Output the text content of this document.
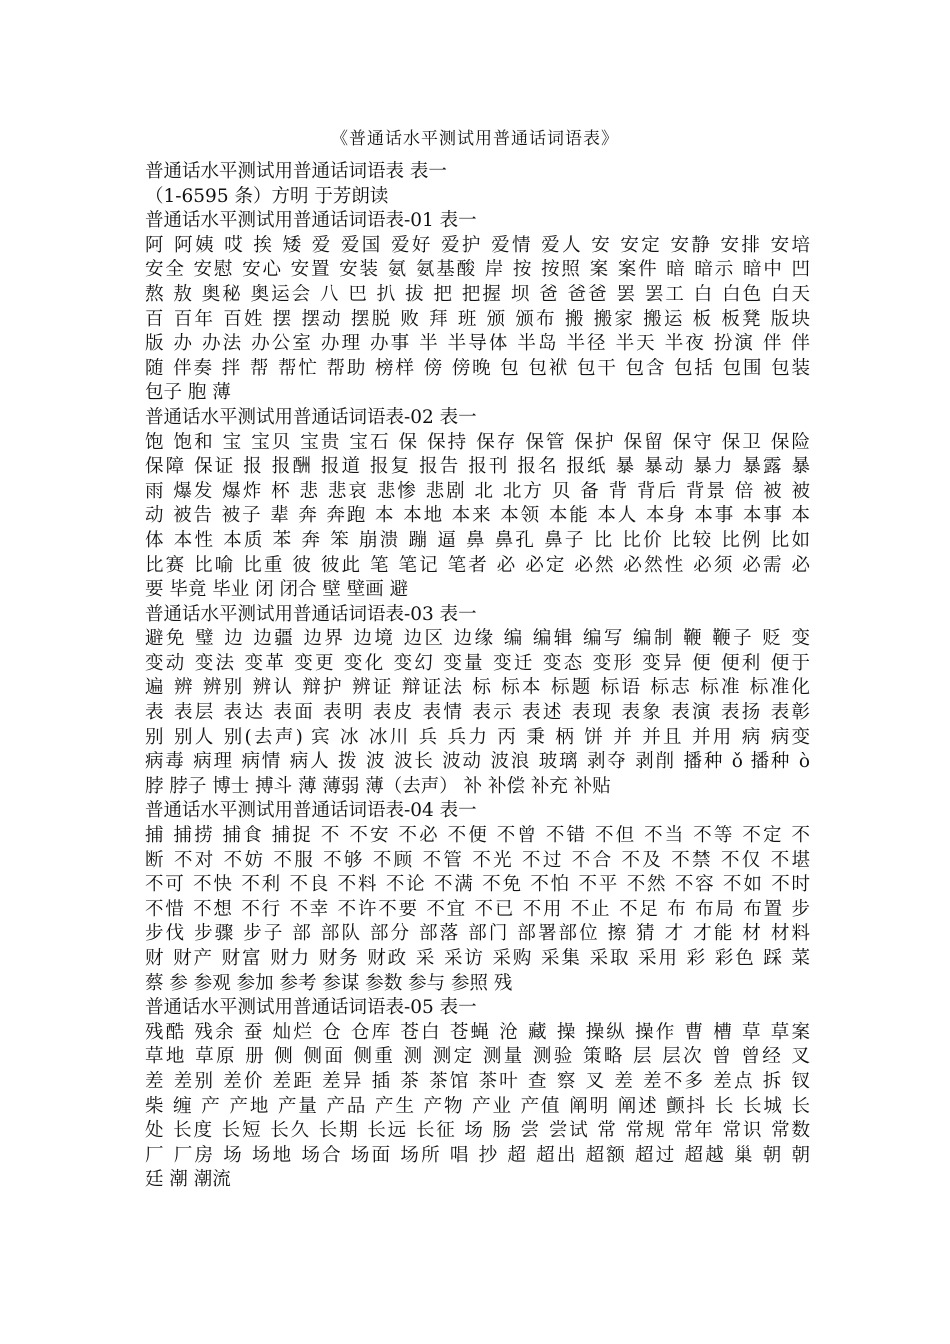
《普通话水平测试用普通话词语表》
普通话水平测试用普通话词语表 表一
（1-6595 条）方明 于芳朗读
普通话水平测试用普通话词语表-01 表一
阿 阿姨 哎 挨 矮 爱 爱国 爱好 爱护 爱情 爱人 安 安定 安静 安排 安培
安全 安慰 安心 安置 安装 氨 氨基酸 岸 按 按照 案 案件 暗 暗示 暗中 凹
熬 敖 奥秘 奥运会 八 巴 扒 拔 把 把握 坝 爸 爸爸 罢 罢工 白 白色 白天
百 百年 百姓 摆 摆动 摆脱 败 拜 班 颁 颁布 搬 搬家 搬运 板 板凳 版块
版 办 办法 办公室 办理 办事 半 半导体 半岛 半径 半天 半夜 扮演 伴 伴
随 伴奏 拌 帮 帮忙 帮助 榜样 傍 傍晚 包 包袱 包干 包含 包括 包围 包装
包子 胞 薄
普通话水平测试用普通话词语表-02 表一
饱 饱和 宝 宝贝 宝贵 宝石 保 保持 保存 保管 保护 保留 保守 保卫 保险
保障 保证 报 报酬 报道 报复 报告 报刊 报名 报纸 暴 暴动 暴力 暴露 暴
雨 爆发 爆炸 杯 悲 悲哀 悲惨 悲剧 北 北方 贝 备 背 背后 背景 倍 被 被
动 被告 被子 辈 奔 奔跑 本 本地 本来 本领 本能 本人 本身 本事 本事 本
体 本性 本质 苯 奔 笨 崩溃 蹦 逼 鼻 鼻孔 鼻子 比 比价 比较 比例 比如
比赛 比喻 比重 彼 彼此 笔 笔记 笔者 必 必定 必然 必然性 必须 必需 必
要 毕竟 毕业 闭 闭合 壁 壁画 避
普通话水平测试用普通话词语表-03 表一
避免 璧 边 边疆 边界 边境 边区 边缘 编 编辑 编写 编制 鞭 鞭子 贬 变
变动 变法 变革 变更 变化 变幻 变量 变迁 变态 变形 变异 便 便利 便于
遍 辨 辨别 辨认 辩护 辨证 辩证法 标 标本 标题 标语 标志 标准 标准化
表 表层 表达 表面 表明 表皮 表情 表示 表述 表现 表象 表演 表扬 表彰
别 别人 别(去声) 宾 冰 冰川 兵 兵力 丙 秉 柄 饼 并 并且 并用 病 病变
病毒 病理 病情 病人 拨 波 波长 波动 波浪 玻璃 剥夺 剥削 播种 ǒ 播种 ò
脖 脖子 博士 搏斗 薄 薄弱 薄（去声） 补 补偿 补充 补贴
普通话水平测试用普通话词语表-04 表一
捕 捕捞 捕食 捕捉 不 不安 不必 不便 不曾 不错 不但 不当 不等 不定 不
断 不对 不妨 不服 不够 不顾 不管 不光 不过 不合 不及 不禁 不仅 不堪
不可 不快 不利 不良 不料 不论 不满 不免 不怕 不平 不然 不容 不如 不时
不惜 不想 不行 不幸 不许不要 不宜 不已 不用 不止 不足 布 布局 布置 步
步伐 步骤 步子 部 部队 部分 部落 部门 部署部位 擦 猜 才 才能 材 材料
财 财产 财富 财力 财务 财政 采 采访 采购 采集 采取 采用 彩 彩色 踩 菜
蔡 参 参观 参加 参考 参谋 参数 参与 参照 残
普通话水平测试用普通话词语表-05 表一
残酷 残余 蚕 灿烂 仓 仓库 苍白 苍蝇 沧 藏 操 操纵 操作 曹 槽 草 草案
草地 草原 册 侧 侧面 侧重 测 测定 测量 测验 策略 层 层次 曾 曾经 叉
差 差别 差价 差距 差异 插 茶 茶馆 茶叶 查 察 叉 差 差不多 差点 拆 钗
柴 缠 产 产地 产量 产品 产生 产物 产业 产值 阐明 阐述 颤抖 长 长城 长
处 长度 长短 长久 长期 长远 长征 场 肠 尝 尝试 常 常规 常年 常识 常数
厂 厂房 场 场地 场合 场面 场所 唱 抄 超 超出 超额 超过 超越 巢 朝 朝
廷 潮 潮流
